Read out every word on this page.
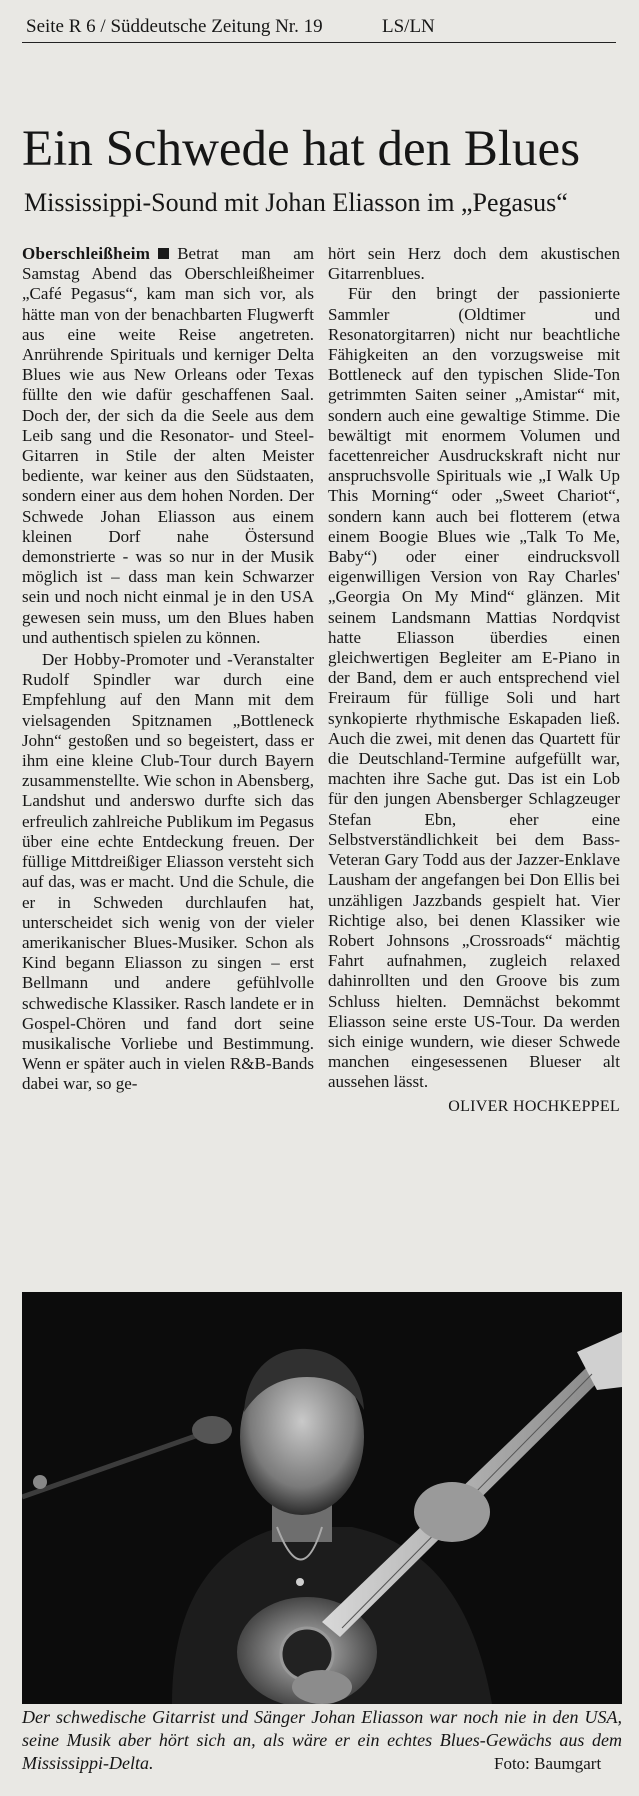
Seite R 6 / Süddeutsche Zeitung Nr. 19	LS/LN
Ein Schwede hat den Blues
Mississippi-Sound mit Johan Eliasson im „Pegasus“

Oberschleißheim Betrat man am Samstag Abend das Oberschleißheimer „Café Pegasus“, kam man sich vor, als hätte man von der benachbarten Flugwerft aus eine weite Reise angetreten. Anrührende Spirituals und kerniger Delta Blues wie aus New Orleans oder Texas füllte den wie dafür geschaffenen Saal. Doch der, der sich da die Seele aus dem Leib sang und die Resonator- und Steel-Gitarren in Stile der alten Meister bediente, war keiner aus den Südstaaten, sondern einer aus dem hohen Norden. Der Schwede Johan Eliasson aus einem kleinen Dorf nahe Östersund demonstrierte - was so nur in der Musik möglich ist – dass man kein Schwarzer sein und noch nicht einmal je in den USA gewesen sein muss, um den Blues haben und authentisch spielen zu können.

Der Hobby-Promoter und -Veranstalter Rudolf Spindler war durch eine Empfehlung auf den Mann mit dem vielsagenden Spitznamen „Bottleneck John“ gestoßen und so begeistert, dass er ihm eine kleine Club-Tour durch Bayern zusammenstellte. Wie schon in Abensberg, Landshut und anderswo durfte sich das erfreulich zahlreiche Publikum im Pegasus über eine echte Entdeckung freuen. Der füllige Mittdreißiger Eliasson versteht sich auf das, was er macht. Und die Schule, die er in Schweden durchlaufen hat, unterscheidet sich wenig von der vieler amerikanischer Blues-Musiker. Schon als Kind begann Eliasson zu singen – erst Bellmann und andere gefühlvolle schwedische Klassiker. Rasch landete er in Gospel-Chören und fand dort seine musikalische Vorliebe und Bestimmung. Wenn er später auch in vielen R&B-Bands dabei war, so ge-

hört sein Herz doch dem akustischen Gitarrenblues.

Für den bringt der passionierte Sammler (Oldtimer und Resonatorgitarren) nicht nur beachtliche Fähigkeiten an den vorzugsweise mit Bottleneck auf den typischen Slide-Ton getrimmten Saiten seiner „Amistar“ mit, sondern auch eine gewaltige Stimme. Die bewältigt mit enormem Volumen und facettenreicher Ausdruckskraft nicht nur anspruchsvolle Spirituals wie „I Walk Up This Morning“ oder „Sweet Chariot“, sondern kann auch bei flotterem (etwa einem Boogie Blues wie „Talk To Me, Baby“) oder einer eindrucksvoll eigenwilligen Version von Ray Charles' „Georgia On My Mind“ glänzen. Mit seinem Landsmann Mattias Nordqvist hatte Eliasson überdies einen gleichwertigen Begleiter am E-Piano in der Band, dem er auch entsprechend viel Freiraum für füllige Soli und hart synkopierte rhythmische Eskapaden ließ. Auch die zwei, mit denen das Quartett für die Deutschland-Termine aufgefüllt war, machten ihre Sache gut. Das ist ein Lob für den jungen Abensberger Schlagzeuger Stefan Ebn, eher eine Selbstverständlichkeit bei dem Bass-Veteran Gary Todd aus der Jazzer-Enklave Lausham der angefangen bei Don Ellis bei unzähligen Jazzbands gespielt hat. Vier Richtige also, bei denen Klassiker wie Robert Johnsons „Crossroads“ mächtig Fahrt aufnahmen, zugleich relaxed dahinrollten und den Groove bis zum Schluss hielten. Demnächst bekommt Eliasson seine erste US-Tour. Da werden sich einige wundern, wie dieser Schwede manchen eingesessenen Blueser alt aussehen lässt.

OLIVER HOCHKEPPEL
Der schwedische Gitarrist und Sänger Johan Eliasson war noch nie in den USA, seine Musik aber hört sich an, als wäre er ein echtes Blues-Gewächs aus dem Mississippi-Delta.	Foto: Baumgart
